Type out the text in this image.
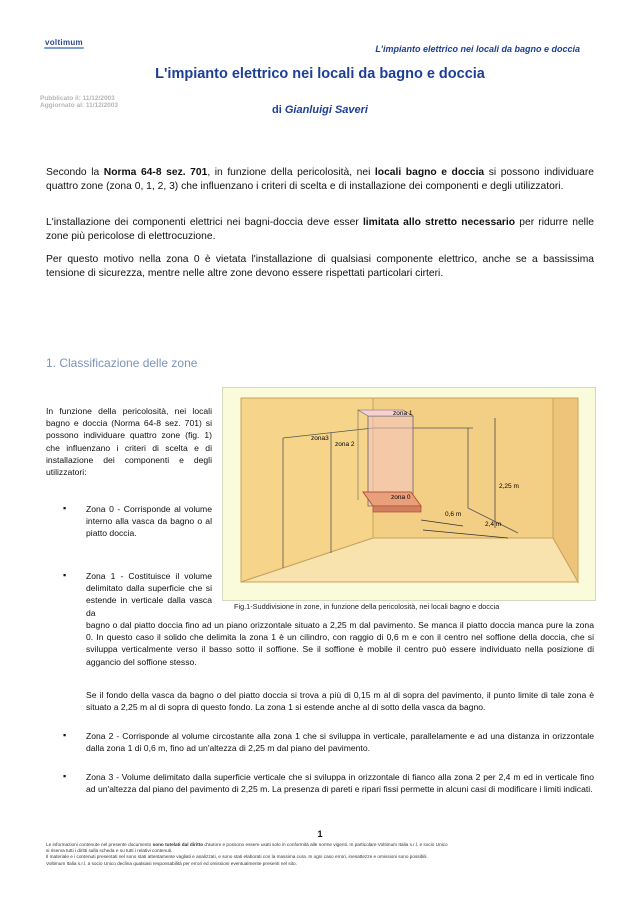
voltimum
L'impianto elettrico nei locali da bagno e doccia
L'impianto elettrico nei locali da bagno e doccia
Pubblicato il: 11/12/2003
Aggiornato al: 11/12/2003	di Gianluigi Saveri
Secondo la Norma 64-8 sez. 701, in funzione della pericolosità, nei locali bagno e doccia si possono individuare quattro zone (zona 0, 1, 2, 3) che influenzano i criteri di scelta e di installazione dei componenti e degli utilizzatori.
L'installazione dei componenti elettrici nei bagni-doccia deve esser limitata allo stretto necessario per ridurre nelle zone più pericolose di elettrocuzione.
Per questo motivo nella zona 0 è vietata l'installazione di qualsiasi componente elettrico, anche se a bassissima tensione di sicurezza, mentre nelle altre zone devono essere rispettati particolari cirteri.
1. Classificazione delle zone
In funzione della pericolosità, nei locali bagno e doccia (Norma 64-8 sez. 701) si possono individuare quattro zone (fig. 1) che influenzano i criteri di scelta e di installazione dei componenti e degli utilizzatori:
▪ Zona 0 - Corrisponde al volume interno alla vasca da bagno o al piatto doccia.
▪ Zona 1 - Costituisce il volume delimitato dalla superficie che si estende in verticale dalla vasca da
bagno o dal piatto doccia fino ad un piano orizzontale situato a 2,25 m dal pavimento. Se manca il piatto doccia manca pure la zona 0. In questo caso il solido che delimita la zona 1 è un cilindro, con raggio di 0,6 m e con il centro nel soffione della doccia, che si sviluppa verticalmente verso il basso sotto il soffione. Se il soffione è mobile il centro può essere individuato nella posizione di aggancio del soffione stesso.
Se il fondo della vasca da bagno o del piatto doccia si trova a più di 0,15 m al di sopra del pavimento, il punto limite di tale zona è situato a 2,25 m al di sopra di questo fondo. La zona 1 si estende anche al di sotto della vasca da bagno.
▪ Zona 2 - Corrisponde al volume circostante alla zona 1 che si sviluppa in verticale, parallelamente e ad una distanza in orizzontale dalla zona 1 di 0,6 m, fino ad un'altezza di 2,25 m dal piano del pavimento.
▪ Zona 3 - Volume delimitato dalla superficie verticale che si sviluppa in orizzontale di fianco alla zona 2 per 2,4 m ed in verticale fino ad un'altezza dal piano del pavimento di 2,25 m. La presenza di pareti e ripari fissi permette in alcuni casi di modificare i limiti indicati.
zona 1
zona3
zona 2
zona 0
2,25 m
0,6 m
2,4 m
Fig.1-Suddivisione in zone, in funzione della pericolosità, nei locali bagno e doccia
1
Le informazioni contenute nel presente documento sono tutelati dal diritto d'autore e possono essere usati solo in conformità alle norme vigenti. In particolare Voltimum Italia s.r.l. e socio Unico
si riserva tutti i diritti sulla scheda e su tutti i relativi contenuti.
Il materiale e i contenuti presentati nel sono stati attentamente vagliati e analizzati, e sono stati elaborati con la massima cura. In ogni caso errori, inesattezze e omissioni sono possibili.
Voltimum Italia s.r.l. a socio Unico declina qualsiasi responsabilità per errori ed omissioni eventualmente presenti nel sito.
